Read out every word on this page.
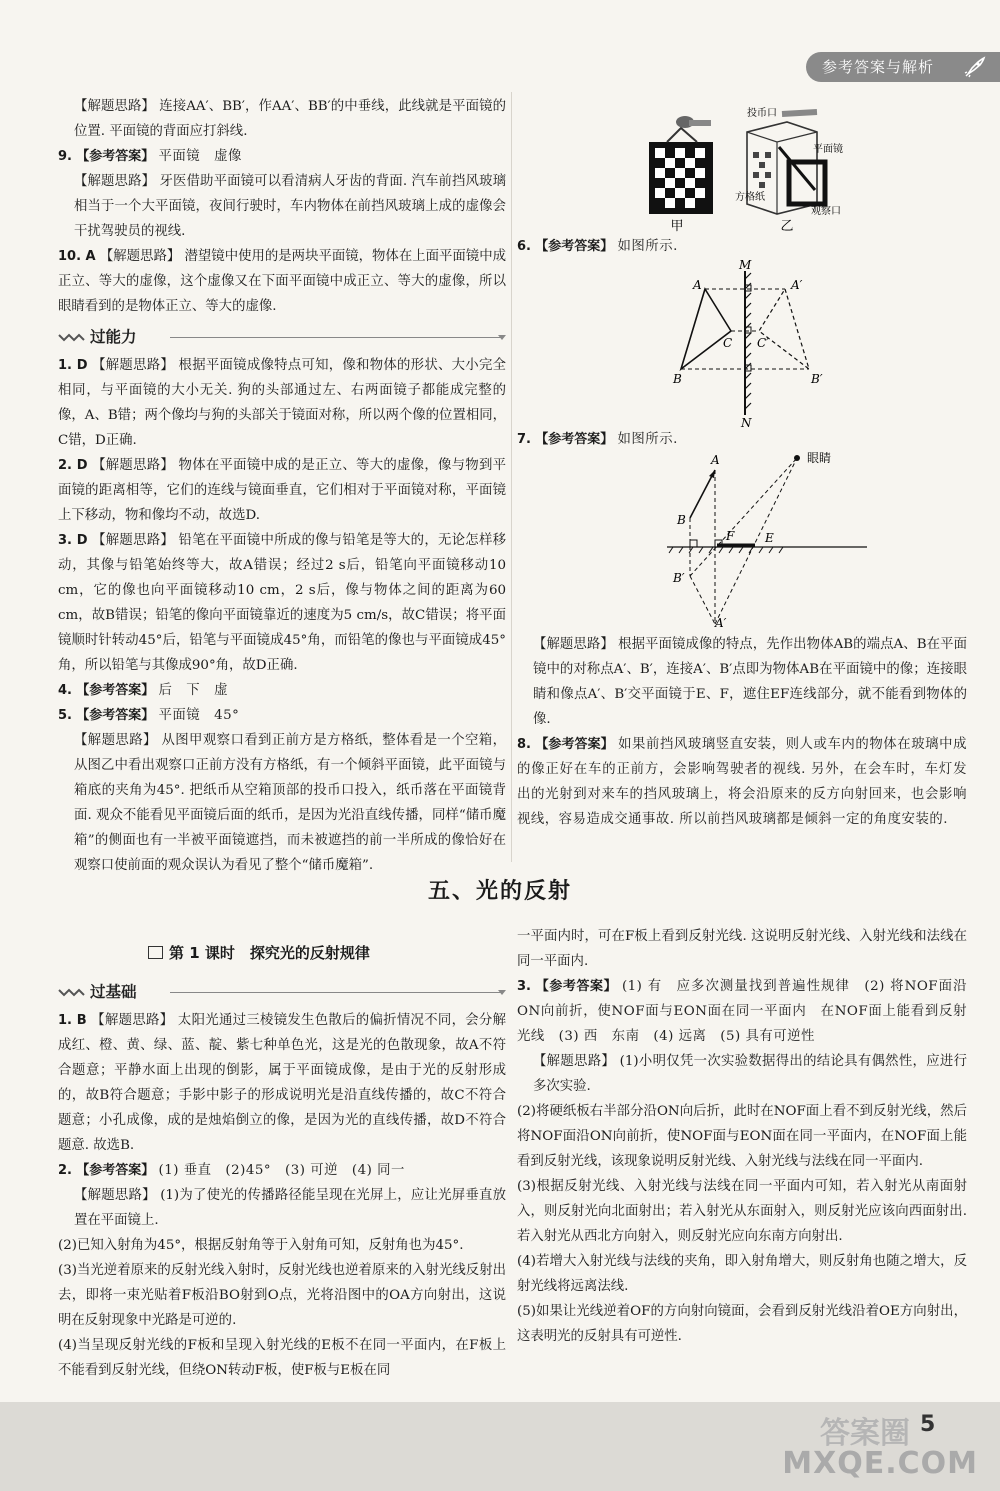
参考答案与解析

【解题思路】 连接AA′、BB′，作AA′、BB′的中垂线，此线就是平面镜的位置. 平面镜的背面应打斜线.

9. 【参考答案】 平面镜　虚像

【解题思路】 牙医借助平面镜可以看清病人牙齿的背面. 汽车前挡风玻璃相当于一个大平面镜，夜间行驶时，车内物体在前挡风玻璃上成的虚像会干扰驾驶员的视线.

10. A 【解题思路】 潜望镜中使用的是两块平面镜，物体在上面平面镜中成正立、等大的虚像，这个虚像又在下面平面镜中成正立、等大的虚像，所以眼睛看到的是物体正立、等大的虚像.

过能力

1. D 【解题思路】 根据平面镜成像特点可知，像和物体的形状、大小完全相同，与平面镜的大小无关. 狗的头部通过左、右两面镜子都能成完整的像，A、B错；两个像均与狗的头部关于镜面对称，所以两个像的位置相同，C错，D正确.

2. D 【解题思路】 物体在平面镜中成的是正立、等大的虚像，像与物到平面镜的距离相等，它们的连线与镜面垂直，它们相对于平面镜对称，平面镜上下移动，物和像均不动，故选D.

3. D 【解题思路】 铅笔在平面镜中所成的像与铅笔是等大的，无论怎样移动，其像与铅笔始终等大，故A错误；经过2 s后，铅笔向平面镜移动10 cm，它的像也向平面镜移动10 cm，2 s后，像与物体之间的距离为60 cm，故B错误；铅笔的像向平面镜靠近的速度为5 cm/s，故C错误；将平面镜顺时针转动45°后，铅笔与平面镜成45°角，而铅笔的像也与平面镜成45°角，所以铅笔与其像成90°角，故D正确.

4. 【参考答案】 后　下　虚

5. 【参考答案】 平面镜　45°

【解题思路】 从图甲观察口看到正前方是方格纸，整体看是一个空箱，从图乙中看出观察口正前方没有方格纸，有一个倾斜平面镜，此平面镜与箱底的夹角为45°. 把纸币从空箱顶部的投币口投入，纸币落在平面镜背面. 观众不能看见平面镜后面的纸币，是因为光沿直线传播，同样“储币魔箱”的侧面也有一半被平面镜遮挡，而未被遮挡的前一半所成的像恰好在观察口使前面的观众误认为看见了整个“储币魔箱”.

甲
投币口
平面镜
方格纸
观察口
乙

6. 【参考答案】 如图所示.

M
N
A
B
C
A′
B′
C′

7. 【参考答案】 如图所示.

A
B
A′
B′
E
F
眼睛

【解题思路】 根据平面镜成像的特点，先作出物体AB的端点A、B在平面镜中的对称点A′、B′，连接A′、B′点即为物体AB在平面镜中的像；连接眼睛和像点A′、B′交平面镜于E、F，遮住EF连线部分，就不能看到物体的像.

8. 【参考答案】 如果前挡风玻璃竖直安装，则人或车内的物体在玻璃中成的像正好在车的正前方，会影响驾驶者的视线. 另外，在会车时，车灯发出的光射到对来车的挡风玻璃上，将会沿原来的反方向射回来，也会影响视线，容易造成交通事故. 所以前挡风玻璃都是倾斜一定的角度安装的.

五、光的反射
第 1 课时　探究光的反射规律
过基础

1. B 【解题思路】 太阳光通过三棱镜发生色散后的偏折情况不同，会分解成红、橙、黄、绿、蓝、靛、紫七种单色光，这是光的色散现象，故A不符合题意；平静水面上出现的倒影，属于平面镜成像，是由于光的反射形成的，故B符合题意；手影中影子的形成说明光是沿直线传播的，故C不符合题意；小孔成像，成的是烛焰倒立的像，是因为光的直线传播，故D不符合题意. 故选B.

2. 【参考答案】 (1) 垂直　(2)45°　(3) 可逆　(4) 同一

【解题思路】 (1)为了使光的传播路径能呈现在光屏上，应让光屏垂直放置在平面镜上.

(2)已知入射角为45°，根据反射角等于入射角可知，反射角也为45°.

(3)当光逆着原来的反射光线入射时，反射光线也逆着原来的入射光线反射出去，即将一束光贴着F板沿BO射到O点，光将沿图中的OA方向射出，这说明在反射现象中光路是可逆的.

(4)当呈现反射光线的F板和呈现入射光线的E板不在同一平面内，在F板上不能看到反射光线，但绕ON转动F板，使F板与E板在同

一平面内时，可在F板上看到反射光线. 这说明反射光线、入射光线和法线在同一平面内.

3. 【参考答案】 (1) 有　应多次测量找到普遍性规律　(2) 将NOF面沿ON向前折，使NOF面与EON面在同一平面内　在NOF面上能看到反射光线　(3) 西　东南　(4) 远离　(5) 具有可逆性

【解题思路】 (1)小明仅凭一次实验数据得出的结论具有偶然性，应进行多次实验.

(2)将硬纸板右半部分沿ON向后折，此时在NOF面上看不到反射光线，然后将NOF面沿ON向前折，使NOF面与EON面在同一平面内，在NOF面上能看到反射光线，该现象说明反射光线、入射光线与法线在同一平面内.

(3)根据反射光线、入射光线与法线在同一平面内可知，若入射光从南面射入，则反射光向北面射出；若入射光从东面射入，则反射光应该向西面射出. 若入射光从西北方向射入，则反射光应向东南方向射出.

(4)若增大入射光线与法线的夹角，即入射角增大，则反射角也随之增大，反射光线将远离法线.

(5)如果让光线逆着OF的方向射向镜面，会看到反射光线沿着OE方向射出，这表明光的反射具有可逆性.

答案圈 5
MXQE.COM
